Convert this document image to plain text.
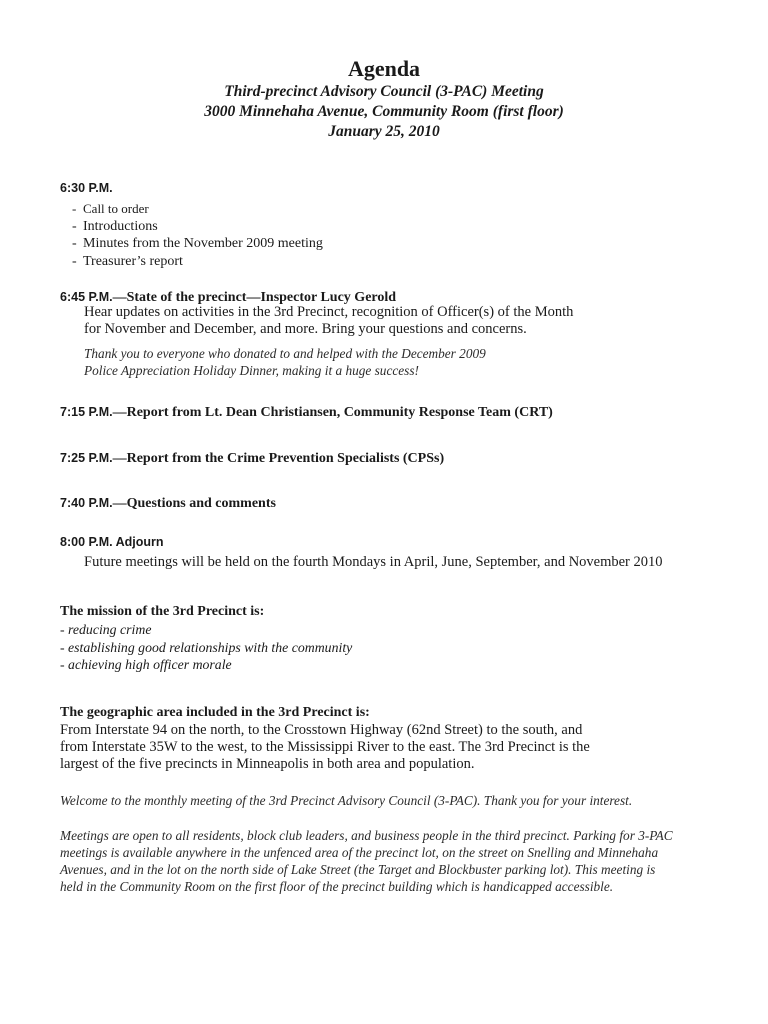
Agenda
Third-precinct Advisory Council (3-PAC) Meeting
3000 Minnehaha Avenue, Community Room (first floor)
January 25, 2010
6:30 P.M.
- Call to order
- Introductions
- Minutes from the November 2009 meeting
- Treasurer’s report
6:45 P.M.—State of the precinct—Inspector Lucy Gerold
Hear updates on activities in the 3rd Precinct, recognition of Officer(s) of the Month
for November and December, and more. Bring your questions and concerns.
Thank you to everyone who donated to and helped with the December 2009
Police Appreciation Holiday Dinner, making it a huge success!
7:15 P.M.—Report from Lt. Dean Christiansen, Community Response Team (CRT)
7:25 P.M.—Report from the Crime Prevention Specialists (CPSs)
7:40 P.M.—Questions and comments
8:00 P.M. Adjourn
Future meetings will be held on the fourth Mondays in April, June, September, and November 2010
The mission of the 3rd Precinct is:
- reducing crime
- establishing good relationships with the community
- achieving high officer morale
The geographic area included in the 3rd Precinct is:
From Interstate 94 on the north, to the Crosstown Highway (62nd Street) to the south, and
from Interstate 35W to the west, to the Mississippi River to the east. The 3rd Precinct is the
largest of the five precincts in Minneapolis in both area and population.
Welcome to the monthly meeting of the 3rd Precinct Advisory Council (3-PAC). Thank you for your interest.
Meetings are open to all residents, block club leaders, and business people in the third precinct. Parking for 3-PAC
meetings is available anywhere in the unfenced area of the precinct lot, on the street on Snelling and Minnehaha
Avenues, and in the lot on the north side of Lake Street (the Target and Blockbuster parking lot). This meeting is
held in the Community Room on the first floor of the precinct building which is handicapped accessible.
